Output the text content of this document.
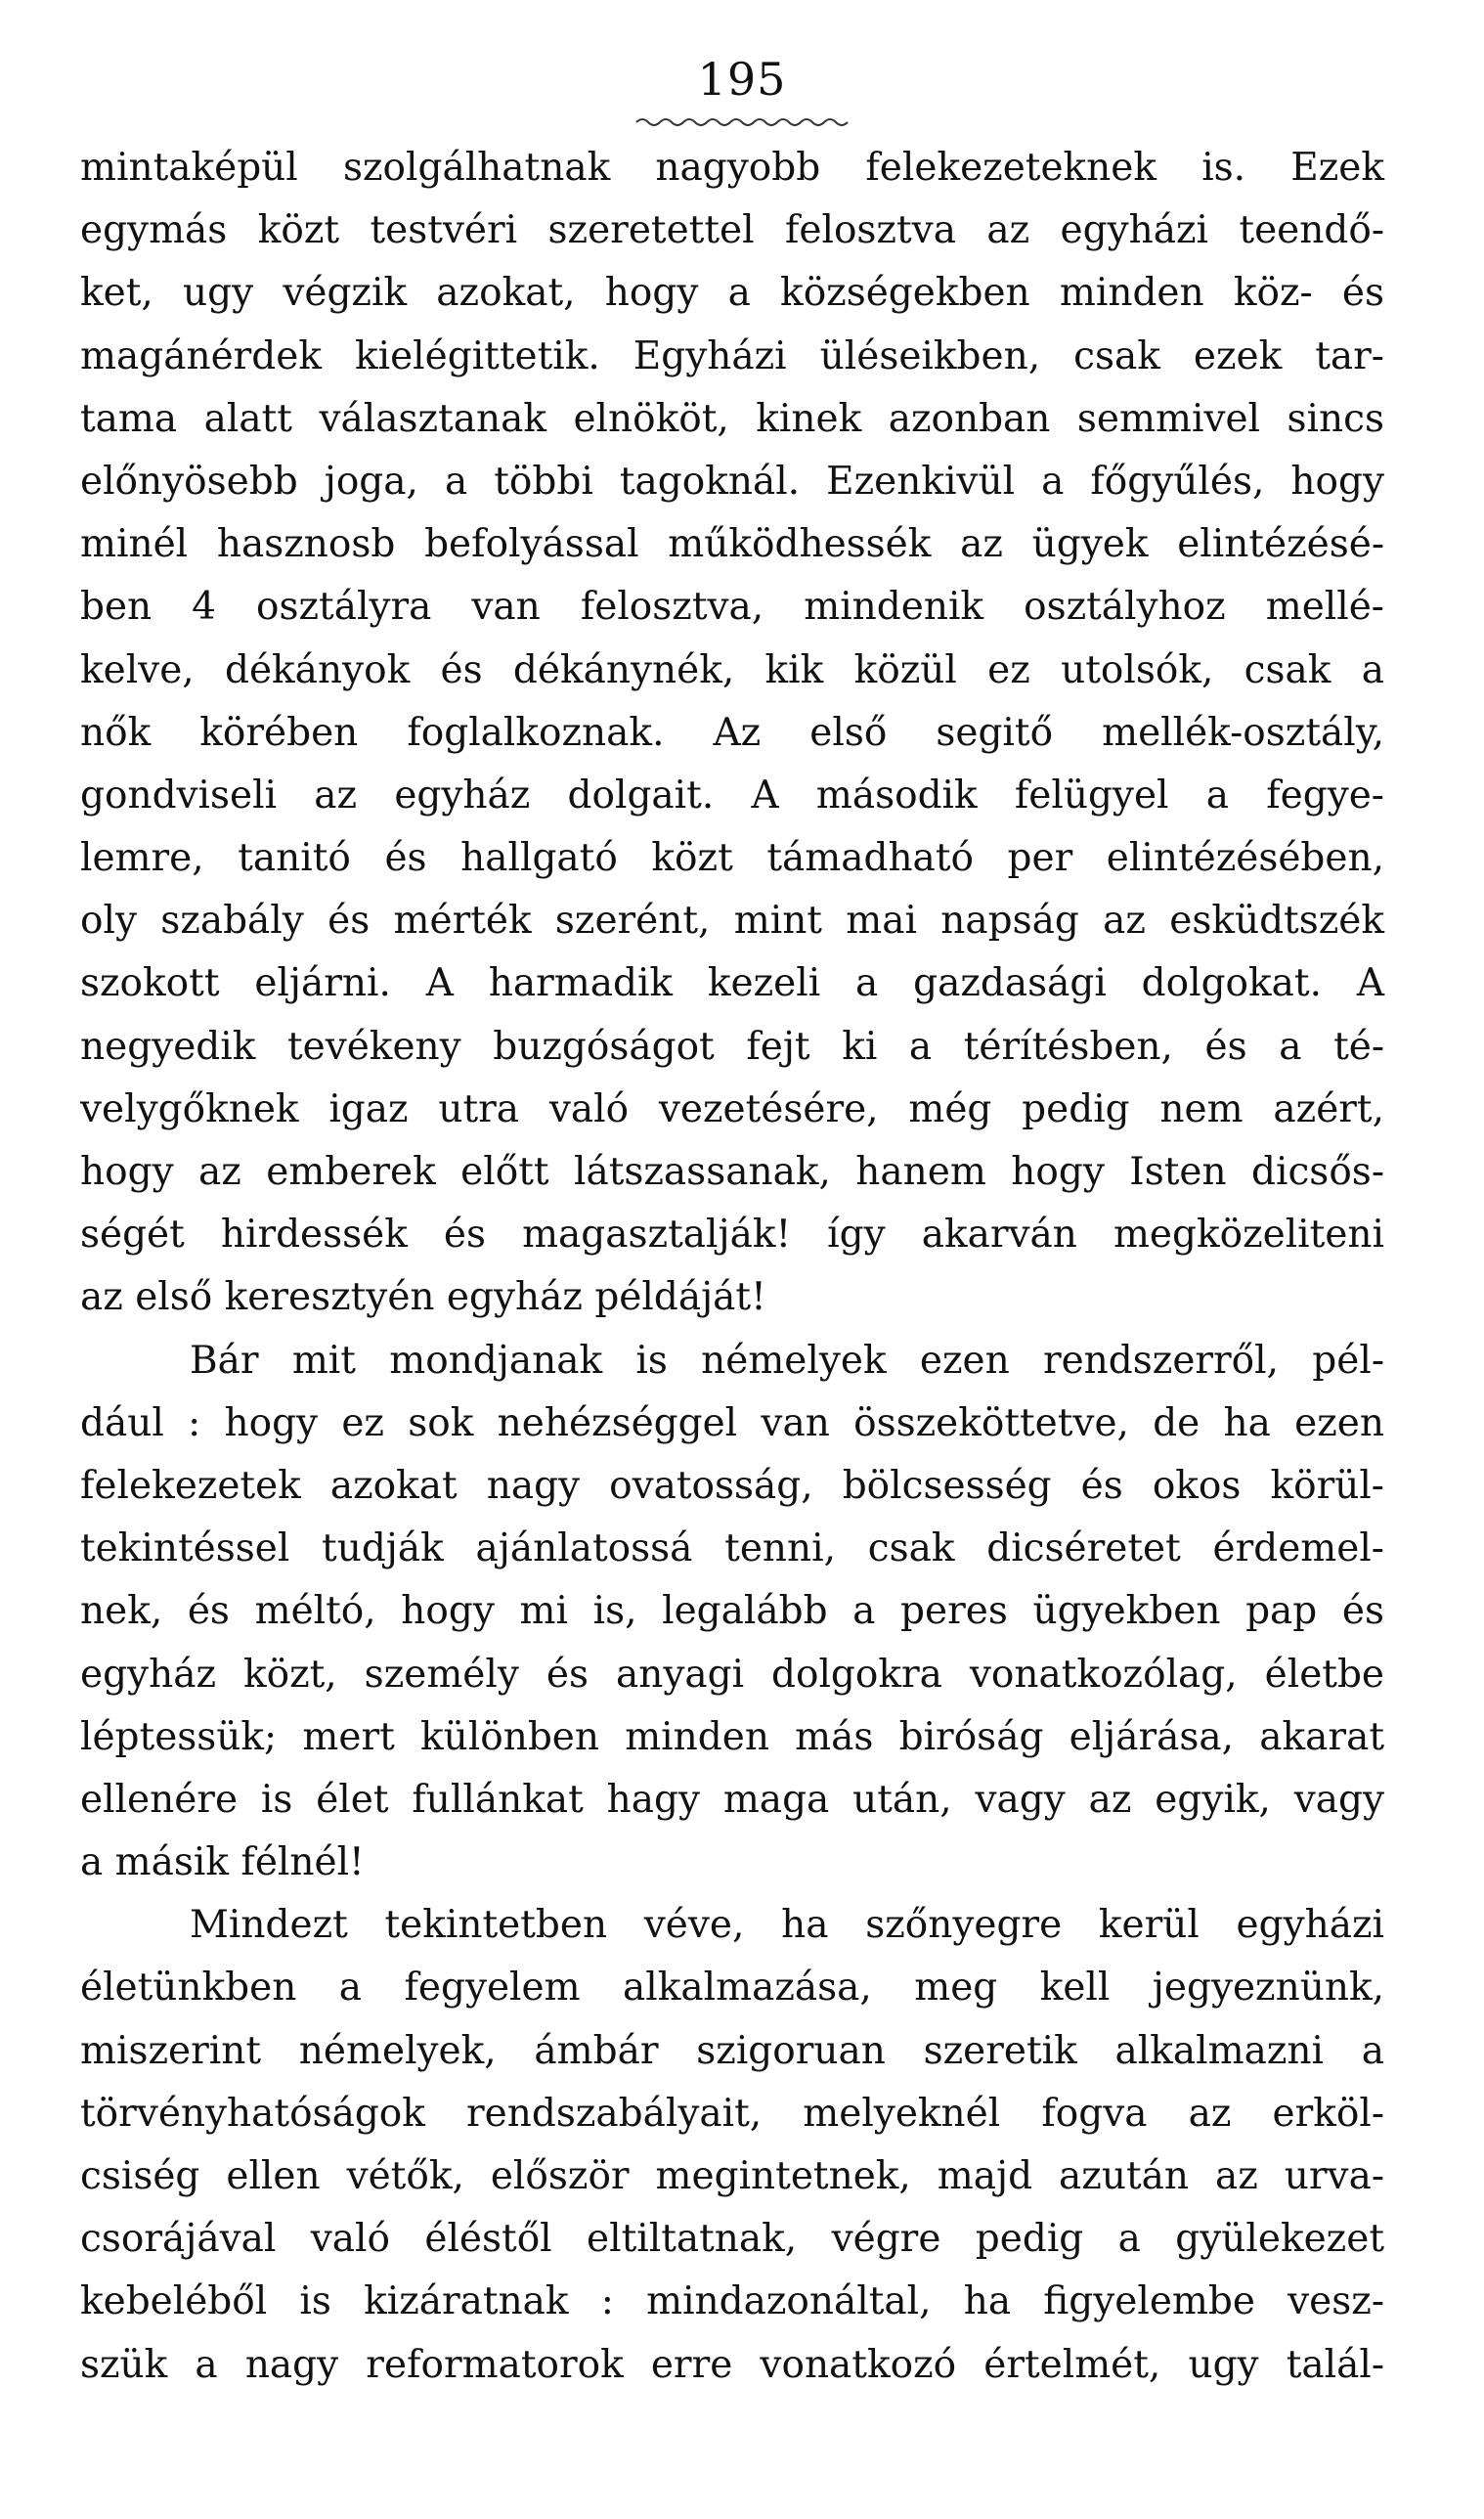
195
mintaképül szolgálhatnak nagyobb felekezeteknek is. Ezek
egymás közt testvéri szeretettel felosztva az egyházi teendő-
ket, ugy végzik azokat, hogy a községekben minden köz- és
magánérdek kielégittetik. Egyházi üléseikben, csak ezek tar-
tama alatt választanak elnököt, kinek azonban semmivel sincs
előnyösebb joga, a többi tagoknál. Ezenkivül a főgyűlés, hogy
minél hasznosb befolyással működhessék az ügyek elintézésé-
ben 4 osztályra van felosztva, mindenik osztályhoz mellé-
kelve, dékányok és dékánynék, kik közül ez utolsók, csak a
nők körében foglalkoznak. Az első segitő mellék-osztály,
gondviseli az egyház dolgait. A második felügyel a fegye-
lemre, tanitó és hallgató közt támadható per elintézésében,
oly szabály és mérték szerént, mint mai napság az esküdtszék
szokott eljárni. A harmadik kezeli a gazdasági dolgokat. A
negyedik tevékeny buzgóságot fejt ki a térítésben, és a té-
velygőknek igaz utra való vezetésére, még pedig nem azért,
hogy az emberek előtt látszassanak, hanem hogy Isten dicsős-
ségét hirdessék és magasztalják! így akarván megközeliteni
az első keresztyén egyház példáját!
Bár mit mondjanak is némelyek ezen rendszerről, pél-
dául : hogy ez sok nehézséggel van összeköttetve, de ha ezen
felekezetek azokat nagy ovatosság, bölcsesség és okos körül-
tekintéssel tudják ajánlatossá tenni, csak dicséretet érdemel-
nek, és méltó, hogy mi is, legalább a peres ügyekben pap és
egyház közt, személy és anyagi dolgokra vonatkozólag, életbe
léptessük; mert különben minden más biróság eljárása, akarat
ellenére is élet fullánkat hagy maga után, vagy az egyik, vagy
a másik félnél!
Mindezt tekintetben véve, ha szőnyegre kerül egyházi
életünkben a fegyelem alkalmazása, meg kell jegyeznünk,
miszerint némelyek, ámbár szigoruan szeretik alkalmazni a
törvényhatóságok rendszabályait, melyeknél fogva az erköl-
csiség ellen vétők, először megintetnek, majd azután az urva-
csorájával való éléstől eltiltatnak, végre pedig a gyülekezet
kebeléből is kizáratnak : mindazonáltal, ha figyelembe vesz-
szük a nagy reformatorok erre vonatkozó értelmét, ugy talál-
